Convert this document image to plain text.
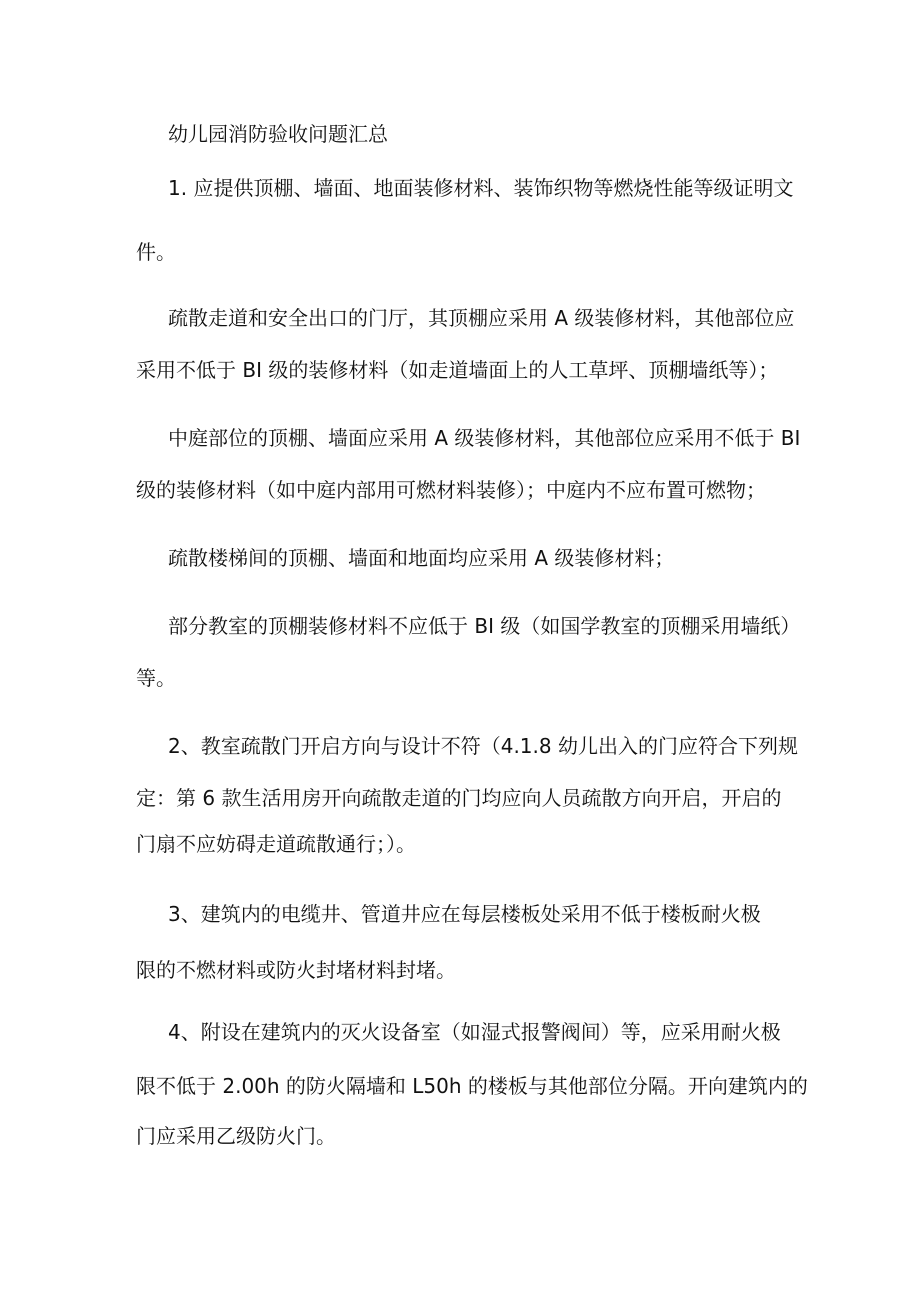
幼儿园消防验收问题汇总
1. 应提供顶棚、墙面、地面装修材料、装饰织物等燃烧性能等级证明文
件。
疏散走道和安全出口的门厅，其顶棚应采用 A 级装修材料，其他部位应
采用不低于 BI 级的装修材料（如走道墙面上的人工草坪、顶棚墙纸等）；
中庭部位的顶棚、墙面应采用 A 级装修材料，其他部位应采用不低于 BI
级的装修材料（如中庭内部用可燃材料装修）；中庭内不应布置可燃物；
疏散楼梯间的顶棚、墙面和地面均应采用 A 级装修材料；
部分教室的顶棚装修材料不应低于 BI 级（如国学教室的顶棚采用墙纸）
等。
2、教室疏散门开启方向与设计不符（4.1.8 幼儿出入的门应符合下列规
定：第 6 款生活用房开向疏散走道的门均应向人员疏散方向开启，开启的
门扇不应妨碍走道疏散通行；）。
3、建筑内的电缆井、管道井应在每层楼板处采用不低于楼板耐火极
限的不燃材料或防火封堵材料封堵。
4、附设在建筑内的灭火设备室（如湿式报警阀间）等，应采用耐火极
限不低于 2.00h 的防火隔墙和 L50h 的楼板与其他部位分隔。开向建筑内的
门应采用乙级防火门。
